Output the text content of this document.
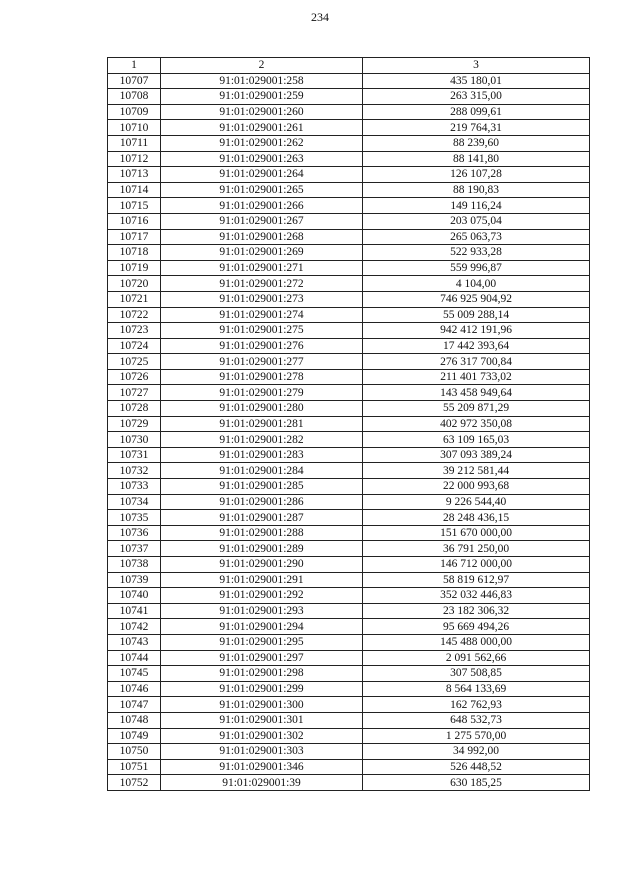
234
1	2	3
10707	91:01:029001:258	435 180,01
10708	91:01:029001:259	263 315,00
10709	91:01:029001:260	288 099,61
10710	91:01:029001:261	219 764,31
10711	91:01:029001:262	88 239,60
10712	91:01:029001:263	88 141,80
10713	91:01:029001:264	126 107,28
10714	91:01:029001:265	88 190,83
10715	91:01:029001:266	149 116,24
10716	91:01:029001:267	203 075,04
10717	91:01:029001:268	265 063,73
10718	91:01:029001:269	522 933,28
10719	91:01:029001:271	559 996,87
10720	91:01:029001:272	4 104,00
10721	91:01:029001:273	746 925 904,92
10722	91:01:029001:274	55 009 288,14
10723	91:01:029001:275	942 412 191,96
10724	91:01:029001:276	17 442 393,64
10725	91:01:029001:277	276 317 700,84
10726	91:01:029001:278	211 401 733,02
10727	91:01:029001:279	143 458 949,64
10728	91:01:029001:280	55 209 871,29
10729	91:01:029001:281	402 972 350,08
10730	91:01:029001:282	63 109 165,03
10731	91:01:029001:283	307 093 389,24
10732	91:01:029001:284	39 212 581,44
10733	91:01:029001:285	22 000 993,68
10734	91:01:029001:286	9 226 544,40
10735	91:01:029001:287	28 248 436,15
10736	91:01:029001:288	151 670 000,00
10737	91:01:029001:289	36 791 250,00
10738	91:01:029001:290	146 712 000,00
10739	91:01:029001:291	58 819 612,97
10740	91:01:029001:292	352 032 446,83
10741	91:01:029001:293	23 182 306,32
10742	91:01:029001:294	95 669 494,26
10743	91:01:029001:295	145 488 000,00
10744	91:01:029001:297	2 091 562,66
10745	91:01:029001:298	307 508,85
10746	91:01:029001:299	8 564 133,69
10747	91:01:029001:300	162 762,93
10748	91:01:029001:301	648 532,73
10749	91:01:029001:302	1 275 570,00
10750	91:01:029001:303	34 992,00
10751	91:01:029001:346	526 448,52
10752	91:01:029001:39	630 185,25
